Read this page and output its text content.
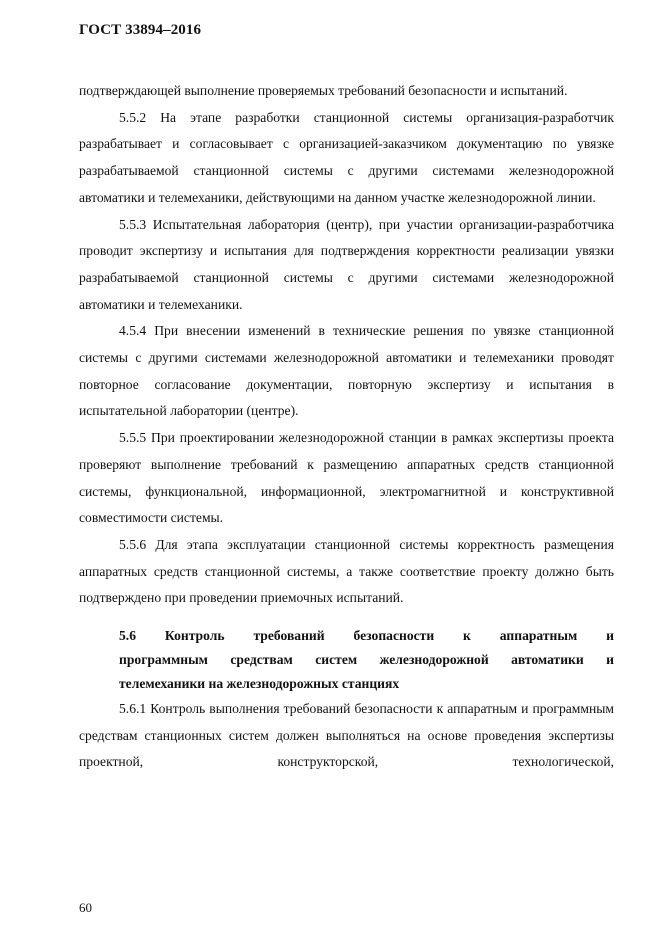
ГОСТ 33894–2016

подтверждающей выполнение проверяемых требований безопасности и испытаний.

5.5.2 На этапе разработки станционной системы организация-разработчик разрабатывает и согласовывает с организацией-заказчиком документацию по увязке разрабатываемой станционной системы с другими системами железнодорожной автоматики и телемеханики, действующими на данном участке железнодорожной линии.

5.5.3 Испытательная лаборатория (центр), при участии организации-разработчика проводит экспертизу и испытания для подтверждения корректности реализации увязки разрабатываемой станционной системы с другими системами железнодорожной автоматики и телемеханики.

4.5.4 При внесении изменений в технические решения по увязке станционной системы с другими системами железнодорожной автоматики и телемеханики проводят повторное согласование документации, повторную экспертизу и испытания в испытательной лаборатории (центре).

5.5.5 При проектировании железнодорожной станции в рамках экспертизы проекта проверяют выполнение требований к размещению аппаратных средств станционной системы, функциональной, информационной, электромагнитной и конструктивной совместимости системы.

5.5.6 Для этапа эксплуатации станционной системы корректность размещения аппаратных средств станционной системы, а также соответствие проекту должно быть подтверждено при проведении приемочных испытаний.

5.6 Контроль требований безопасности к аппаратным и
программным средствам систем железнодорожной автоматики и
телемеханики на железнодорожных станциях

5.6.1 Контроль выполнения требований безопасности к аппаратным и программным средствам станционных систем должен выполняться на основе проведения экспертизы проектной, конструкторской, технологической,

60
